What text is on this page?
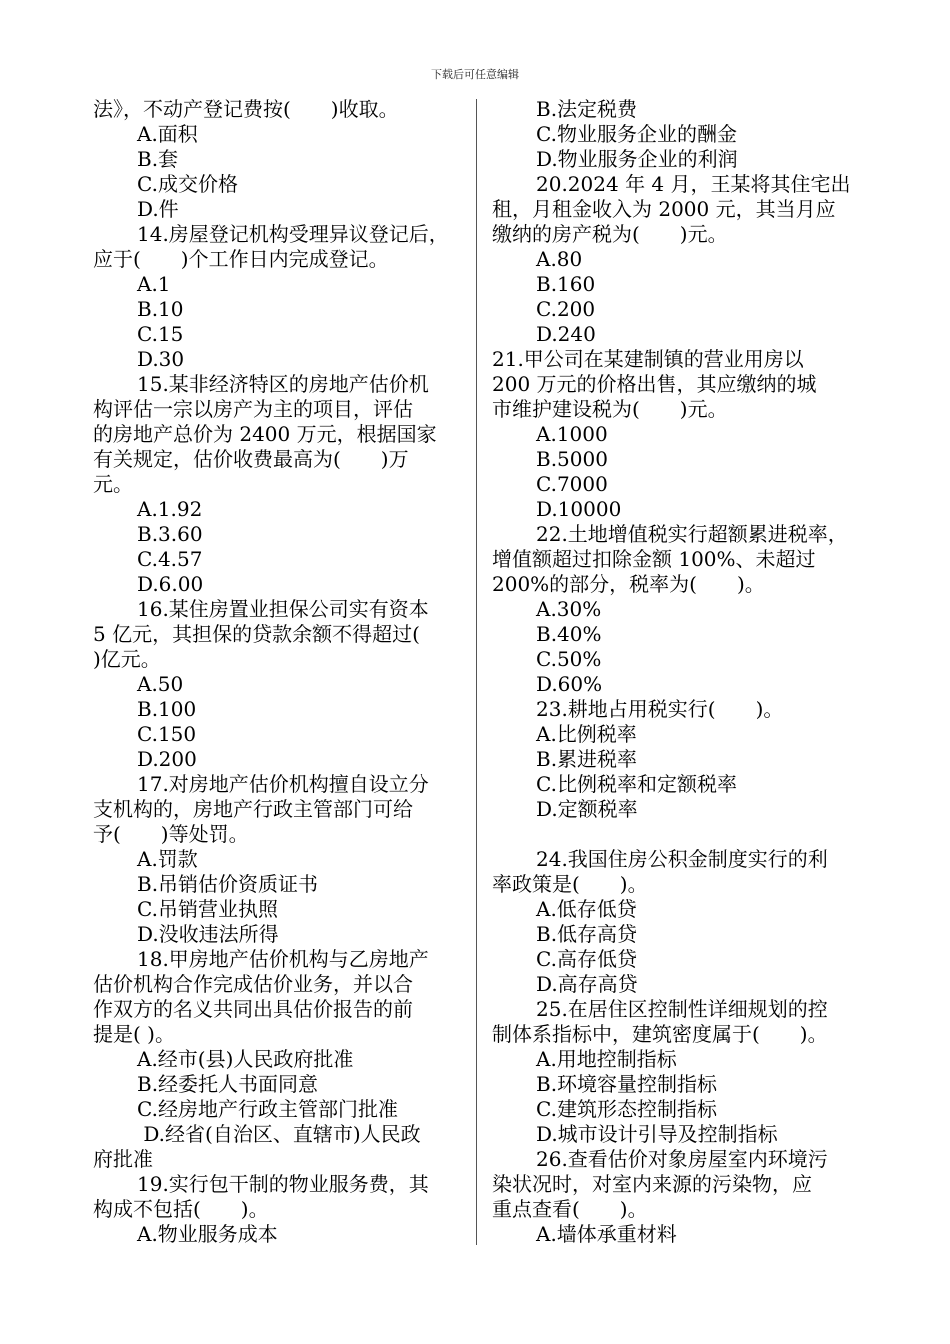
下载后可任意编辑
法》，不动产登记费按(　　)收取。
A.面积
B.套
C.成交价格
D.件
14.房屋登记机构受理异议登记后，
应于(　　)个工作日内完成登记。
A.1
B.10
C.15
D.30
15.某非经济特区的房地产估价机
构评估一宗以房产为主的项目，评估
的房地产总价为 2400 万元，根据国家
有关规定，估价收费最高为(　　)万
元。
A.1.92
B.3.60
C.4.57
D.6.00
16.某住房置业担保公司实有资本
5 亿元，其担保的贷款余额不得超过(
)亿元。
A.50
B.100
C.150
D.200
17.对房地产估价机构擅自设立分
支机构的，房地产行政主管部门可给
予(　　)等处罚。
A.罚款
B.吊销估价资质证书
C.吊销营业执照
D.没收违法所得
18.甲房地产估价机构与乙房地产
估价机构合作完成估价业务，并以合
作双方的名义共同出具估价报告的前
提是( )。
A.经市(县)人民政府批准
B.经委托人书面同意
C.经房地产行政主管部门批准
D.经省(自治区、直辖市)人民政
府批准
19.实行包干制的物业服务费，其
构成不包括(　　)。
A.物业服务成本
B.法定税费
C.物业服务企业的酬金
D.物业服务企业的利润
20.2024 年 4 月，王某将其住宅出
租，月租金收入为 2000 元，其当月应
缴纳的房产税为(　　)元。
A.80
B.160
C.200
D.240
21.甲公司在某建制镇的营业用房以
200 万元的价格出售，其应缴纳的城
市维护建设税为(　　)元。
A.1000
B.5000
C.7000
D.10000
22.土地增值税实行超额累进税率，
增值额超过扣除金额 100%、未超过
200%的部分，税率为(　　)。
A.30%
B.40%
C.50%
D.60%
23.耕地占用税实行(　　)。
A.比例税率
B.累进税率
C.比例税率和定额税率
D.定额税率
24.我国住房公积金制度实行的利
率政策是(　　)。
A.低存低贷
B.低存高贷
C.高存低贷
D.高存高贷
25.在居住区控制性详细规划的控
制体系指标中，建筑密度属于(　　)。
A.用地控制指标
B.环境容量控制指标
C.建筑形态控制指标
D.城市设计引导及控制指标
26.查看估价对象房屋室内环境污
染状况时，对室内来源的污染物，应
重点查看(　　)。
A.墙体承重材料
